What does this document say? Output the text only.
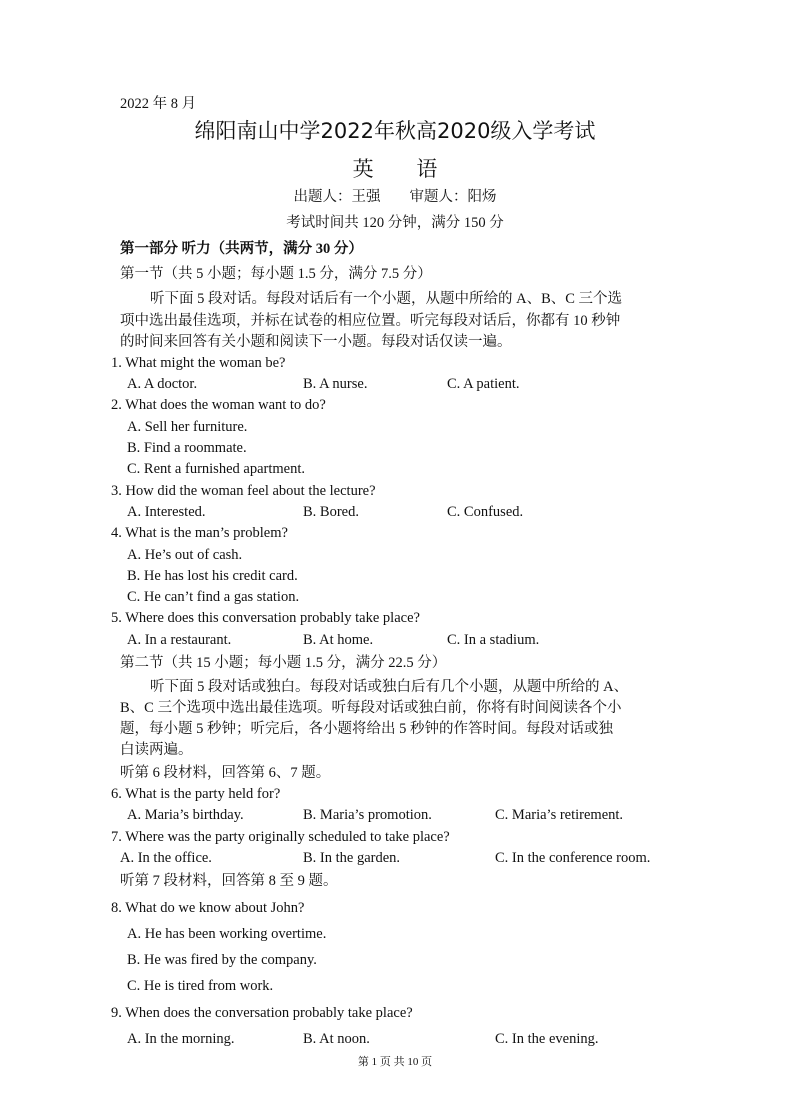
2022 年 8 月
绵阳南山中学2022年秋高2020级入学考试
英 语
出题人：王强　　审题人：阳炀
考试时间共 120 分钟，满分 150 分
第一部分 听力（共两节，满分 30 分）
第一节（共 5 小题；每小题 1.5 分，满分 7.5 分）
听下面 5 段对话。每段对话后有一个小题，从题中所给的 A、B、C 三个选
项中选出最佳选项，并标在试卷的相应位置。听完每段对话后，你都有 10 秒钟
的时间来回答有关小题和阅读下一小题。每段对话仅读一遍。
1. What might the woman be?
A. A doctor.	B. A nurse.	C. A patient.
2. What does the woman want to do?
A. Sell her furniture.
B. Find a roommate.
C. Rent a furnished apartment.
3. How did the woman feel about the lecture?
A. Interested.	B. Bored.	C. Confused.
4. What is the man’s problem?
A. He’s out of cash.
B. He has lost his credit card.
C. He can’t find a gas station.
5. Where does this conversation probably take place?
A. In a restaurant.	B. At home.	C. In a stadium.
第二节（共 15 小题；每小题 1.5 分，满分 22.5 分）
听下面 5 段对话或独白。每段对话或独白后有几个小题，从题中所给的 A、
B、C 三个选项中选出最佳选项。听每段对话或独白前，你将有时间阅读各个小
题，每小题 5 秒钟；听完后，各小题将给出 5 秒钟的作答时间。每段对话或独
白读两遍。
听第 6 段材料，回答第 6、7 题。
6. What is the party held for?
A. Maria’s birthday.	B. Maria’s promotion.	C. Maria’s retirement.
7. Where was the party originally scheduled to take place?
A. In the office.	B. In the garden.	C. In the conference room.
听第 7 段材料，回答第 8 至 9 题。
8. What do we know about John?
A. He has been working overtime.
B. He was fired by the company.
C. He is tired from work.
9. When does the conversation probably take place?
A. In the morning.	B. At noon.	C. In the evening.
第 1 页 共 10 页
